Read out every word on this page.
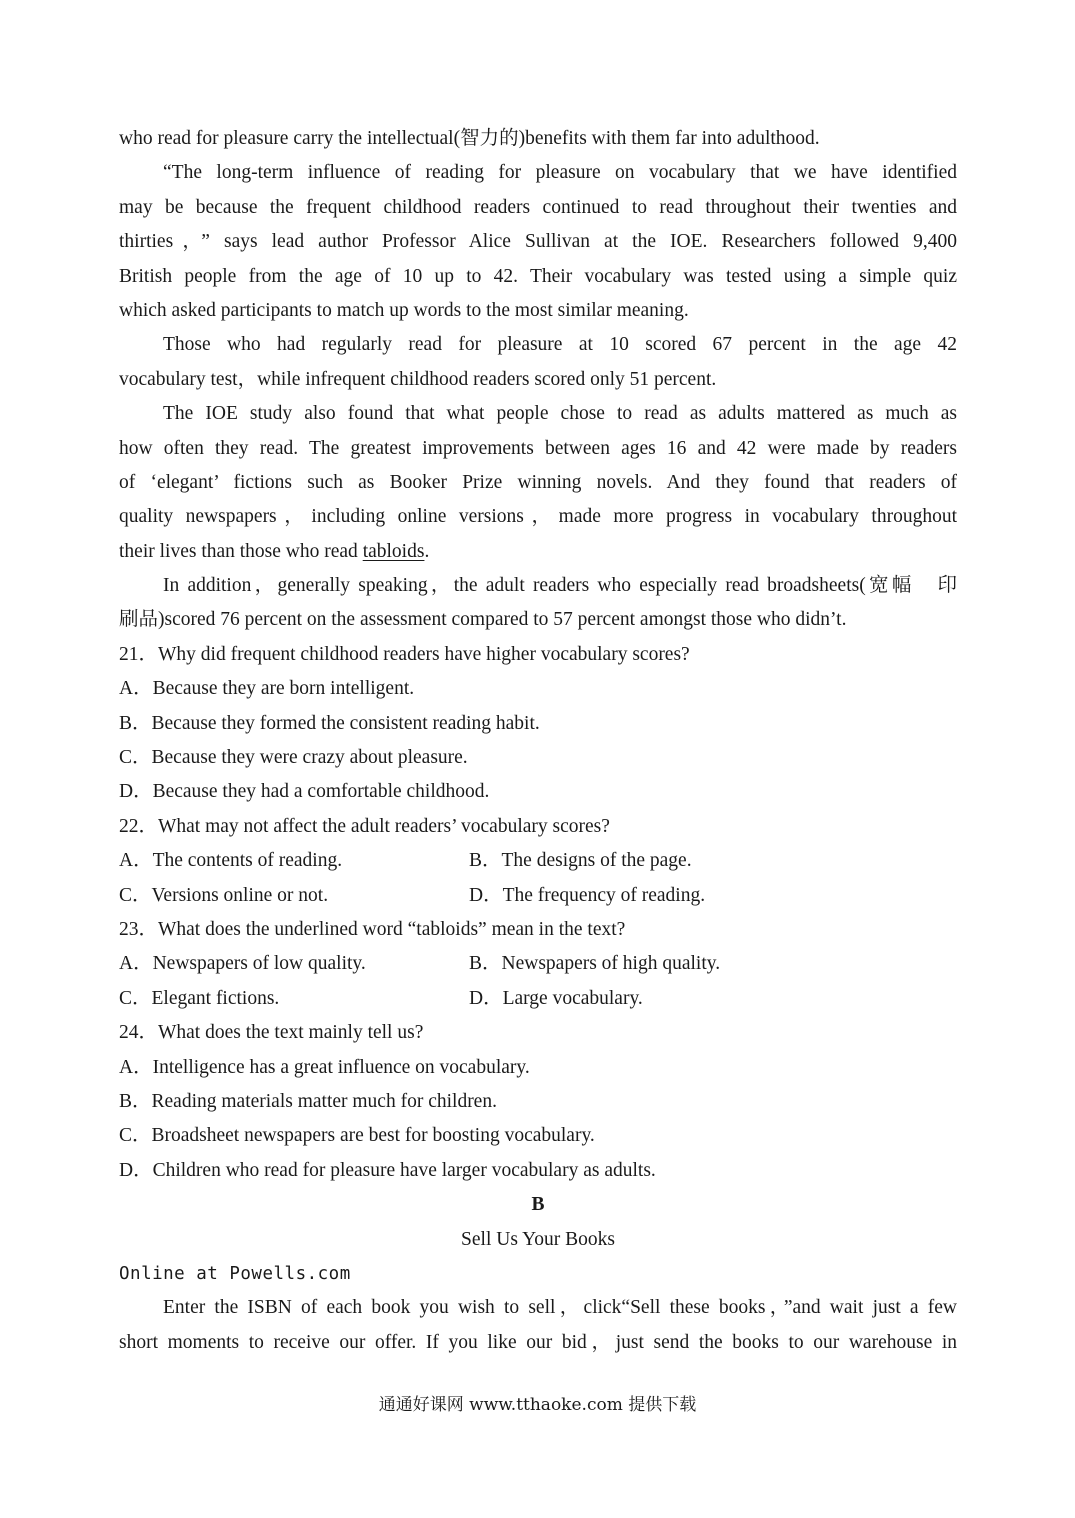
who read for pleasure carry the intellectual(智力的)benefits with them far into adulthood.
“The long-term influence of reading for pleasure on vocabulary that we have identified
may be because the frequent childhood readers continued to read throughout their twenties and
thirties，” says lead author Professor Alice Sullivan at the IOE. Researchers followed 9,400
British people from the age of 10 up to 42. Their vocabulary was tested using a simple quiz
which asked participants to match up words to the most similar meaning.
Those who had regularly read for pleasure at 10 scored 67 percent in the age 42
vocabulary test，while infrequent childhood readers scored only 51 percent.
The IOE study also found that what people chose to read as adults mattered as much as
how often they read. The greatest improvements between ages 16 and 42 were made by readers
of ‘elegant’ fictions such as Booker Prize winning novels. And they found that readers of
quality newspapers，including online versions，made more progress in vocabulary throughout
their lives than those who read tabloids.
In addition，generally speaking，the adult readers who especially read broadsheets(宽幅　印
刷品)scored 76 percent on the assessment compared to 57 percent amongst those who didn’t.
21．Why did frequent childhood readers have higher vocabulary scores?
A．Because they are born intelligent.
B．Because they formed the consistent reading habit.
C．Because they were crazy about pleasure.
D．Because they had a comfortable childhood.
22．What may not affect the adult readers’ vocabulary scores?
A．The contents of reading.	B．The designs of the page.
C．Versions online or not.	D．The frequency of reading.
23．What does the underlined word “tabloids” mean in the text?
A．Newspapers of low quality.	B．Newspapers of high quality.
C．Elegant fictions.	D．Large vocabulary.
24．What does the text mainly tell us?
A．Intelligence has a great influence on vocabulary.
B．Reading materials matter much for children.
C．Broadsheet newspapers are best for boosting vocabulary.
D．Children who read for pleasure have larger vocabulary as adults.
B
Sell Us Your Books
Online at Powells.com
Enter the ISBN of each book you wish to sell，click“Sell these books，”and wait just a few
short moments to receive our offer. If you like our bid，just send the books to our warehouse in
通通好课网 www.tthaoke.com 提供下载
